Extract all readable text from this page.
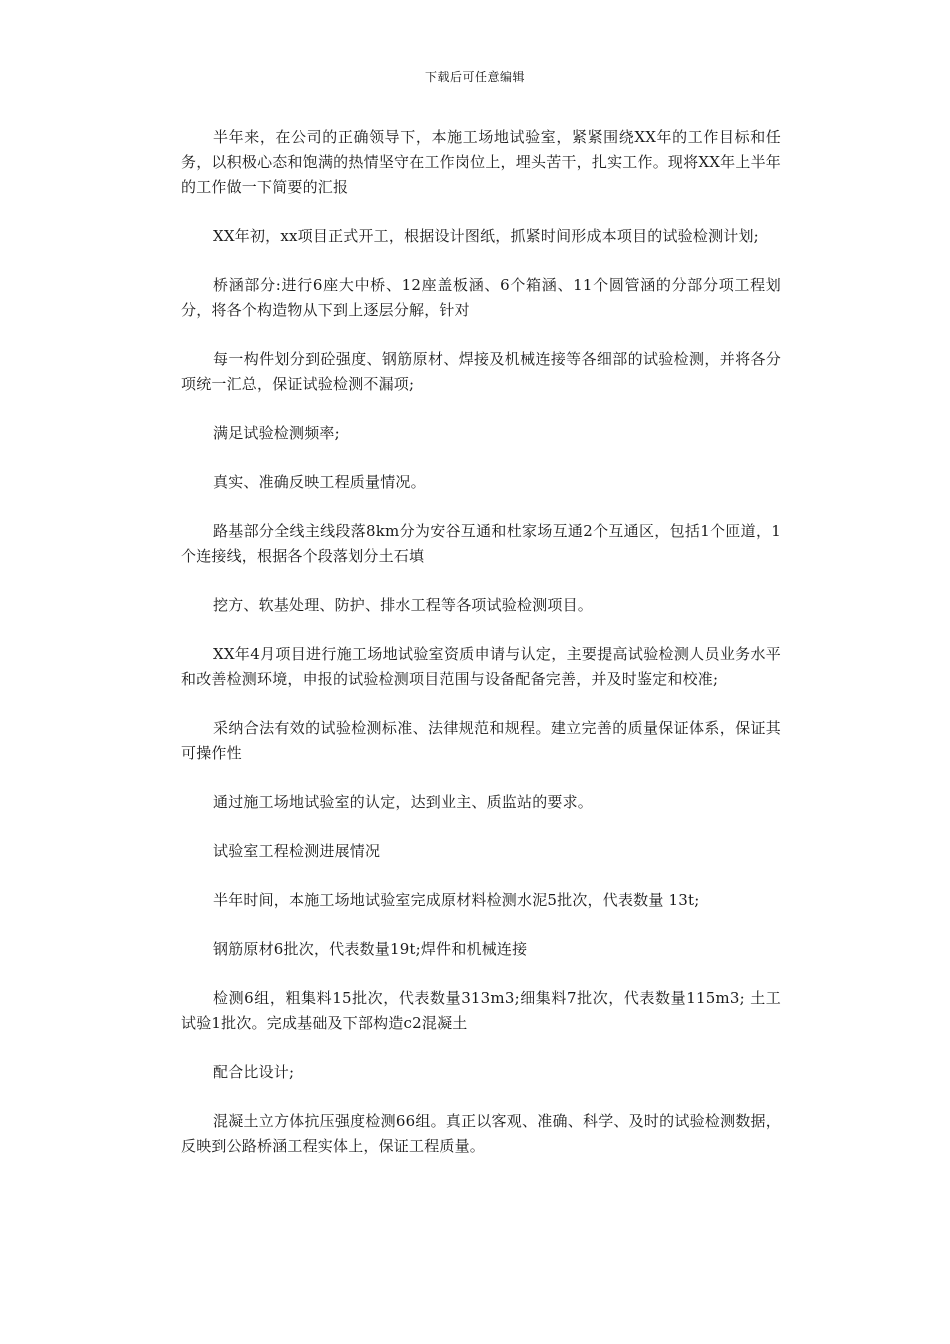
下载后可任意编辑

半年来，在公司的正确领导下，本施工场地试验室，紧紧围绕XX年的工作目标和任务，以积极心态和饱满的热情坚守在工作岗位上，埋头苦干，扎实工作。现将XX年上半年的工作做一下简要的汇报

XX年初，xx项目正式开工，根据设计图纸，抓紧时间形成本项目的试验检测计划;

桥涵部分:进行6座大中桥、12座盖板涵、6个箱涵、11个圆管涵的分部分项工程划分，将各个构造物从下到上逐层分解，针对

每一构件划分到砼强度、钢筋原材、焊接及机械连接等各细部的试验检测，并将各分项统一汇总，保证试验检测不漏项;

满足试验检测频率;

真实、准确反映工程质量情况。

路基部分全线主线段落8km分为安谷互通和杜家场互通2个互通区，包括1个匝道，1个连接线，根据各个段落划分土石填

挖方、软基处理、防护、排水工程等各项试验检测项目。

XX年4月项目进行施工场地试验室资质申请与认定，主要提高试验检测人员业务水平和改善检测环境，申报的试验检测项目范围与设备配备完善，并及时鉴定和校准;

采纳合法有效的试验检测标准、法律规范和规程。建立完善的质量保证体系，保证其可操作性

通过施工场地试验室的认定，达到业主、质监站的要求。

试验室工程检测进展情况

半年时间，本施工场地试验室完成原材料检测水泥5批次，代表数量 13t;

钢筋原材6批次，代表数量19t;焊件和机械连接

检测6组，粗集料15批次，代表数量313m3;细集料7批次，代表数量115m3; 土工试验1批次。完成基础及下部构造c2混凝土

配合比设计;

混凝土立方体抗压强度检测66组。真正以客观、准确、科学、及时的试验检测数据，反映到公路桥涵工程实体上，保证工程质量。
